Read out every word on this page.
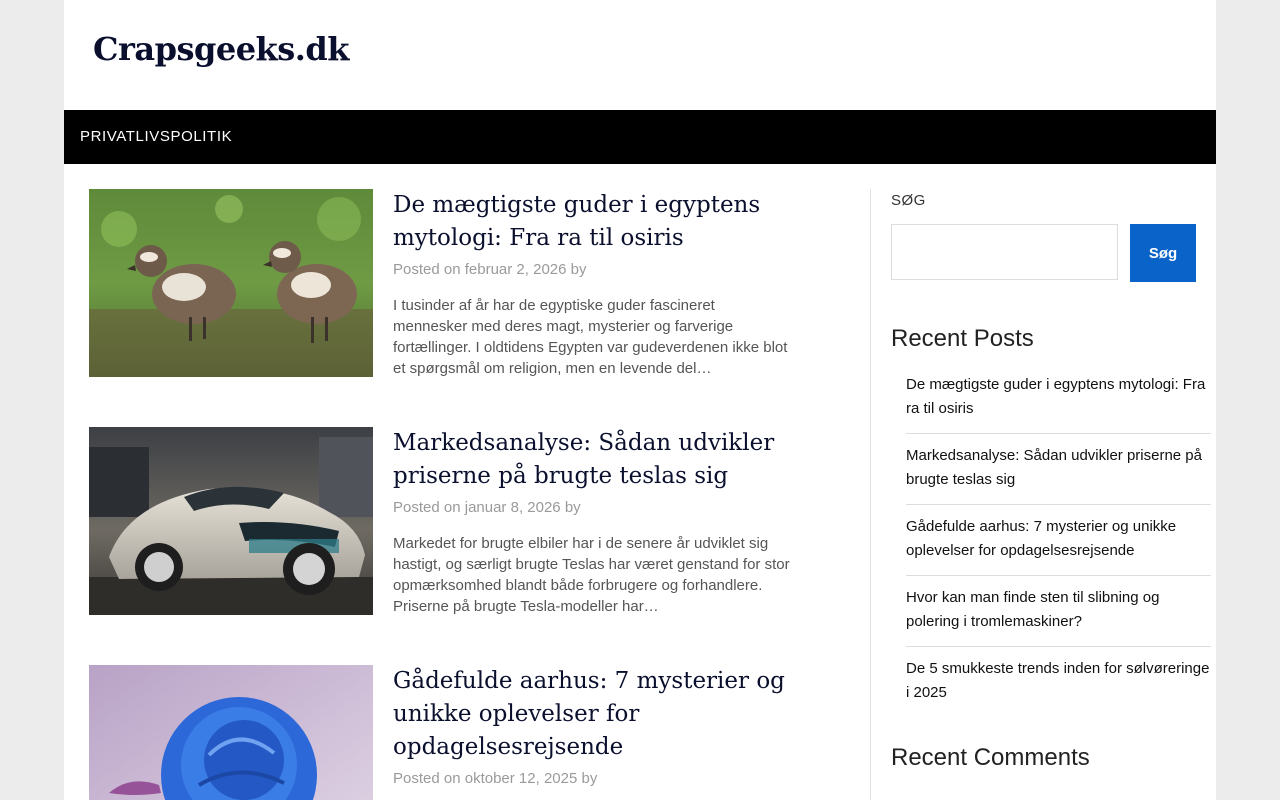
Crapsgeeks.dk
PRIVATLIVSPOLITIK
De mægtigste guder i egyptens mytologi: Fra ra til osiris
Posted on februar 2, 2026 by
I tusinder af år har de egyptiske guder fascineret mennesker med deres magt, mysterier og farverige fortællinger. I oldtidens Egypten var gudeverdenen ikke blot et spørgsmål om religion, men en levende del…
Markedsanalyse: Sådan udvikler priserne på brugte teslas sig
Posted on januar 8, 2026 by
Markedet for brugte elbiler har i de senere år udviklet sig hastigt, og særligt brugte Teslas har været genstand for stor opmærksomhed blandt både forbrugere og forhandlere. Priserne på brugte Tesla-modeller har…
Gådefulde aarhus: 7 mysterier og unikke oplevelser for opdagelsesrejsende
Posted on oktober 12, 2025 by
SØG
Søg
Recent Posts
De mægtigste guder i egyptens mytologi: Fra ra til osiris
Markedsanalyse: Sådan udvikler priserne på brugte teslas sig
Gådefulde aarhus: 7 mysterier og unikke oplevelser for opdagelsesrejsende
Hvor kan man finde sten til slibning og polering i tromlemaskiner?
De 5 smukkeste trends inden for sølvøreringe i 2025
Recent Comments
